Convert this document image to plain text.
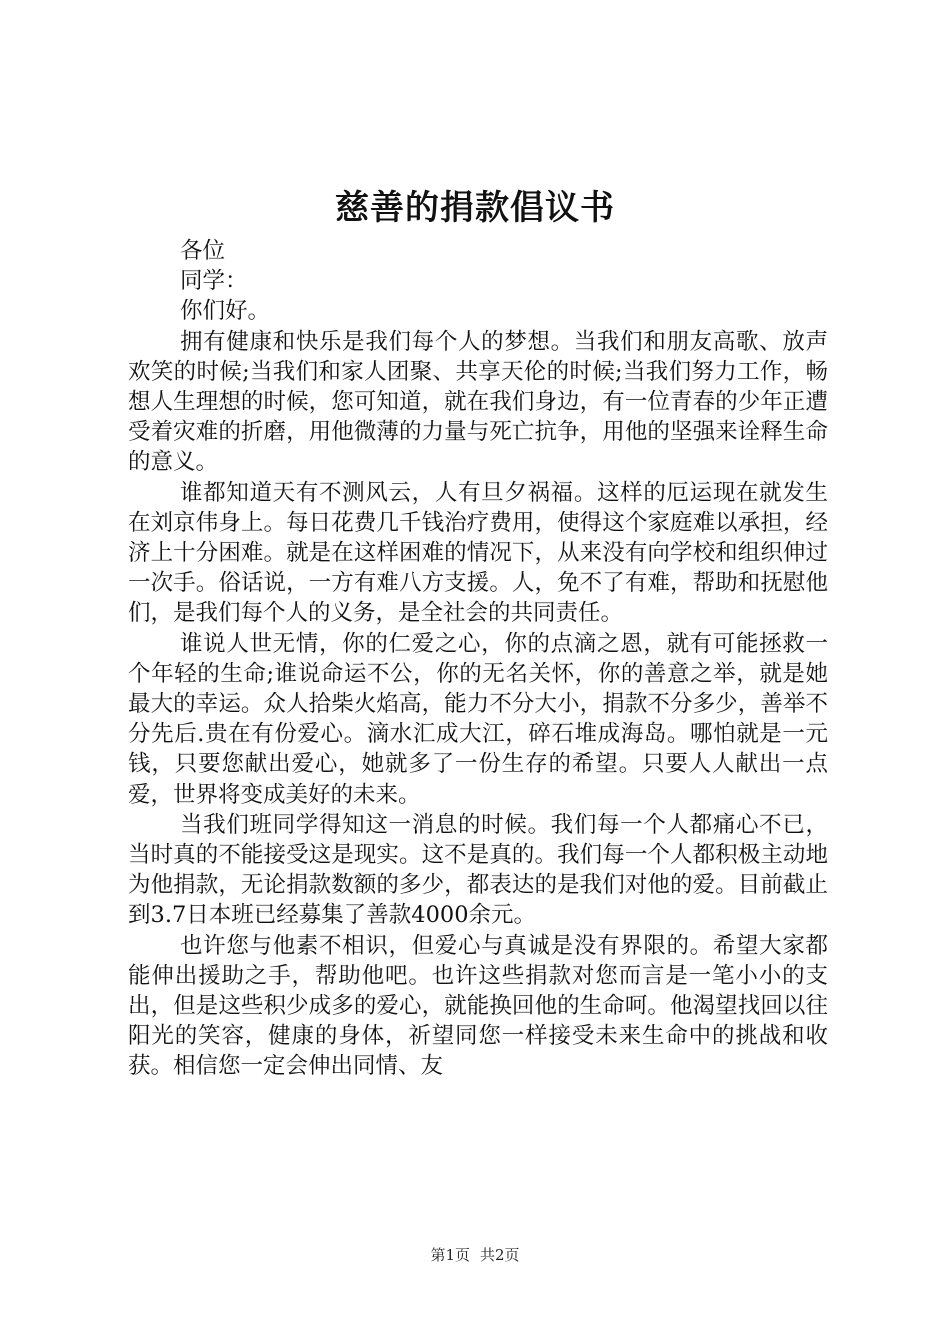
慈善的捐款倡议书

各位

同学：

你们好。

拥有健康和快乐是我们每个人的梦想。当我们和朋友高歌、放声欢笑的时候;当我们和家人团聚、共享天伦的时候;当我们努力工作，畅想人生理想的时候，您可知道，就在我们身边，有一位青春的少年正遭受着灾难的折磨，用他微薄的力量与死亡抗争，用他的坚强来诠释生命的意义。

谁都知道天有不测风云，人有旦夕祸福。这样的厄运现在就发生在刘京伟身上。每日花费几千钱治疗费用，使得这个家庭难以承担，经济上十分困难。就是在这样困难的情况下，从来没有向学校和组织伸过一次手。俗话说，一方有难八方支援。人，免不了有难，帮助和抚慰他们，是我们每个人的义务，是全社会的共同责任。

谁说人世无情，你的仁爱之心，你的点滴之恩，就有可能拯救一个年轻的生命;谁说命运不公，你的无名关怀，你的善意之举，就是她最大的幸运。众人拾柴火焰高，能力不分大小，捐款不分多少，善举不分先后.贵在有份爱心。滴水汇成大江，碎石堆成海岛。哪怕就是一元钱，只要您献出爱心，她就多了一份生存的希望。只要人人献出一点爱，世界将变成美好的未来。

当我们班同学得知这一消息的时候。我们每一个人都痛心不已，当时真的不能接受这是现实。这不是真的。我们每一个人都积极主动地为他捐款，无论捐款数额的多少，都表达的是我们对他的爱。目前截止到3.7日本班已经募集了善款4000余元。

也许您与他素不相识，但爱心与真诚是没有界限的。希望大家都能伸出援助之手，帮助他吧。也许这些捐款对您而言是一笔小小的支出，但是这些积少成多的爱心，就能换回他的生命呵。他渴望找回以往阳光的笑容，健康的身体，祈望同您一样接受未来生命中的挑战和收获。相信您一定会伸出同情、友

第1页 共2页
